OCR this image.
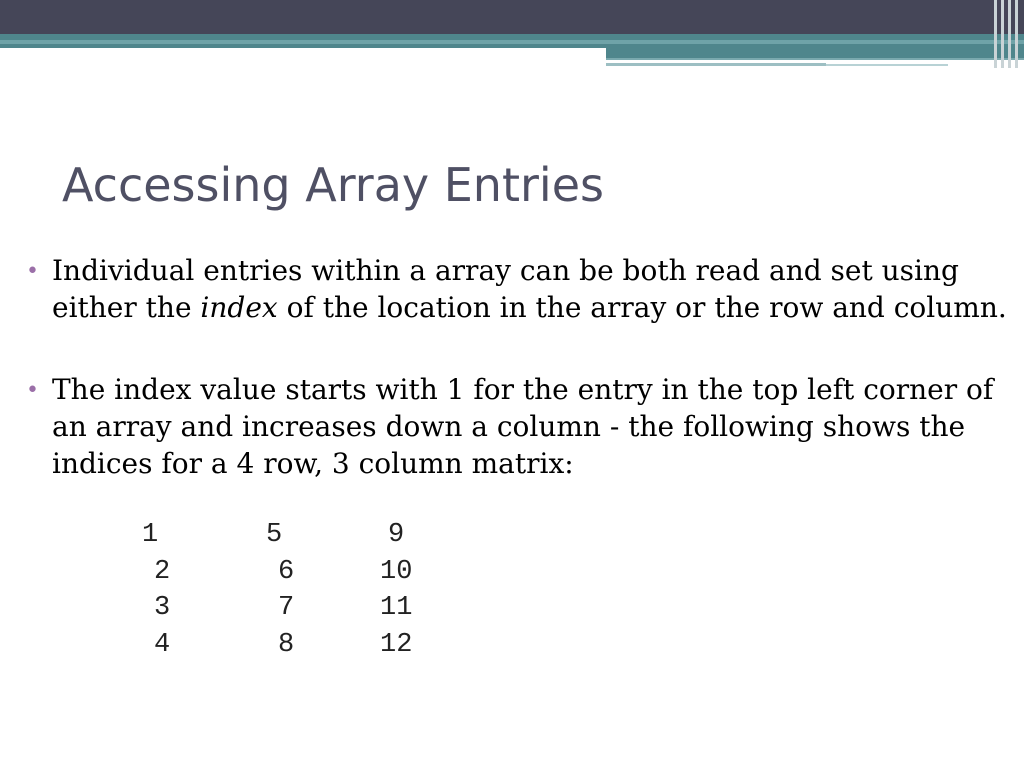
Accessing Array Entries
• Individual entries within a array can be both read and set using either the index of the location in the array or the row and column.
• The index value starts with 1 for the entry in the top left corner of an array and increases down a column - the following shows the indices for a 4 row, 3 column matrix:
1	5	9
2	6	10
3	7	11
4	8	12
